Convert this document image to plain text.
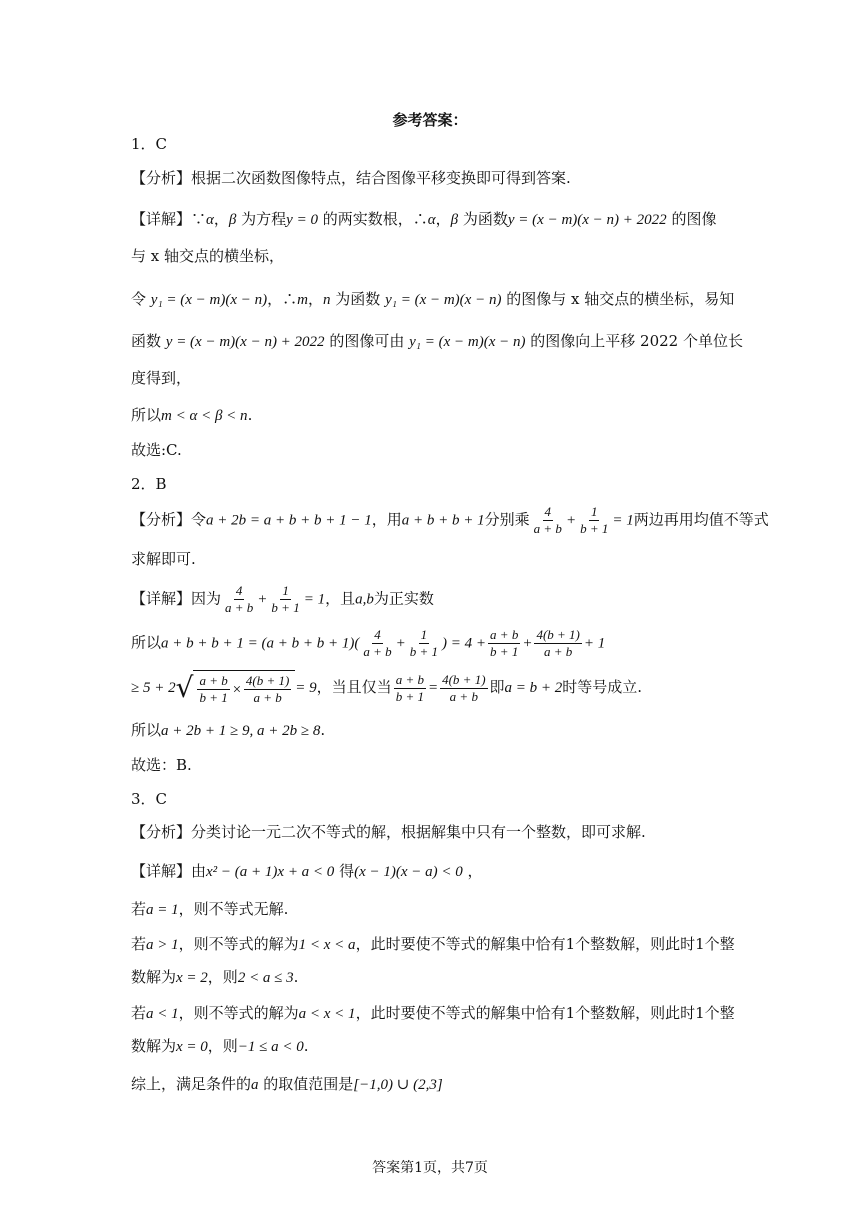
参考答案：
1．C
【分析】根据二次函数图像特点，结合图像平移变换即可得到答案.
【详解】∵α，β 为方程y = 0 的两实数根，∴α，β 为函数y = (x − m)(x − n) + 2022 的图像
与 x 轴交点的横坐标，
令 y₁ = (x − m)(x − n)，∴m，n 为函数 y₁ = (x − m)(x − n) 的图像与 x 轴交点的横坐标，易知
函数 y = (x − m)(x − n) + 2022 的图像可由 y₁ = (x − m)(x − n) 的图像向上平移 2022 个单位长
度得到，
所以m < α < β < n.
故选:C.
2．B
【分析】令a + 2b = a + b + b + 1 − 1，用a + b + b + 1分别乘 $\frac{4}{a + b} + \frac{1}{b + 1} = 1$两边再用均值不等式
求解即可.
【详解】因为 $\frac{4}{a + b} + \frac{1}{b + 1} = 1$，且a,b为正实数
所以$a + b + b + 1 = (a + b + b + 1)( \frac{4}{a + b} + \frac{1}{b + 1}$ ) = $4 + \frac{a + b}{b + 1} + \frac{4(b + 1)}{a + b} + 1$
≥ 5 + 2 √ $\frac{a + b}{b + 1} \times \frac{4(b + 1)}{a + b} = 9$，当且仅当 $\frac{a + b}{b + 1} = \frac{4(b + 1)}{a + b}$ 即a = b + 2时等号成立.
所以a + 2b + 1 ≥ 9, a + 2b ≥ 8.
故选：B.
3．C
【分析】分类讨论一元二次不等式的解，根据解集中只有一个整数，即可求解.
【详解】由x² − (a + 1)x + a < 0 得(x − 1)(x − a) < 0 ，
若a = 1，则不等式无解.
若a > 1，则不等式的解为1 < x < a，此时要使不等式的解集中恰有1个整数解，则此时1个整
数解为x = 2，则2 < a ≤ 3.
若a < 1，则不等式的解为a < x < 1，此时要使不等式的解集中恰有1个整数解，则此时1个整
数解为x = 0，则−1 ≤ a < 0.
综上，满足条件的a 的取值范围是[−1,0) ∪ (2,3]
答案第1页，共7页
